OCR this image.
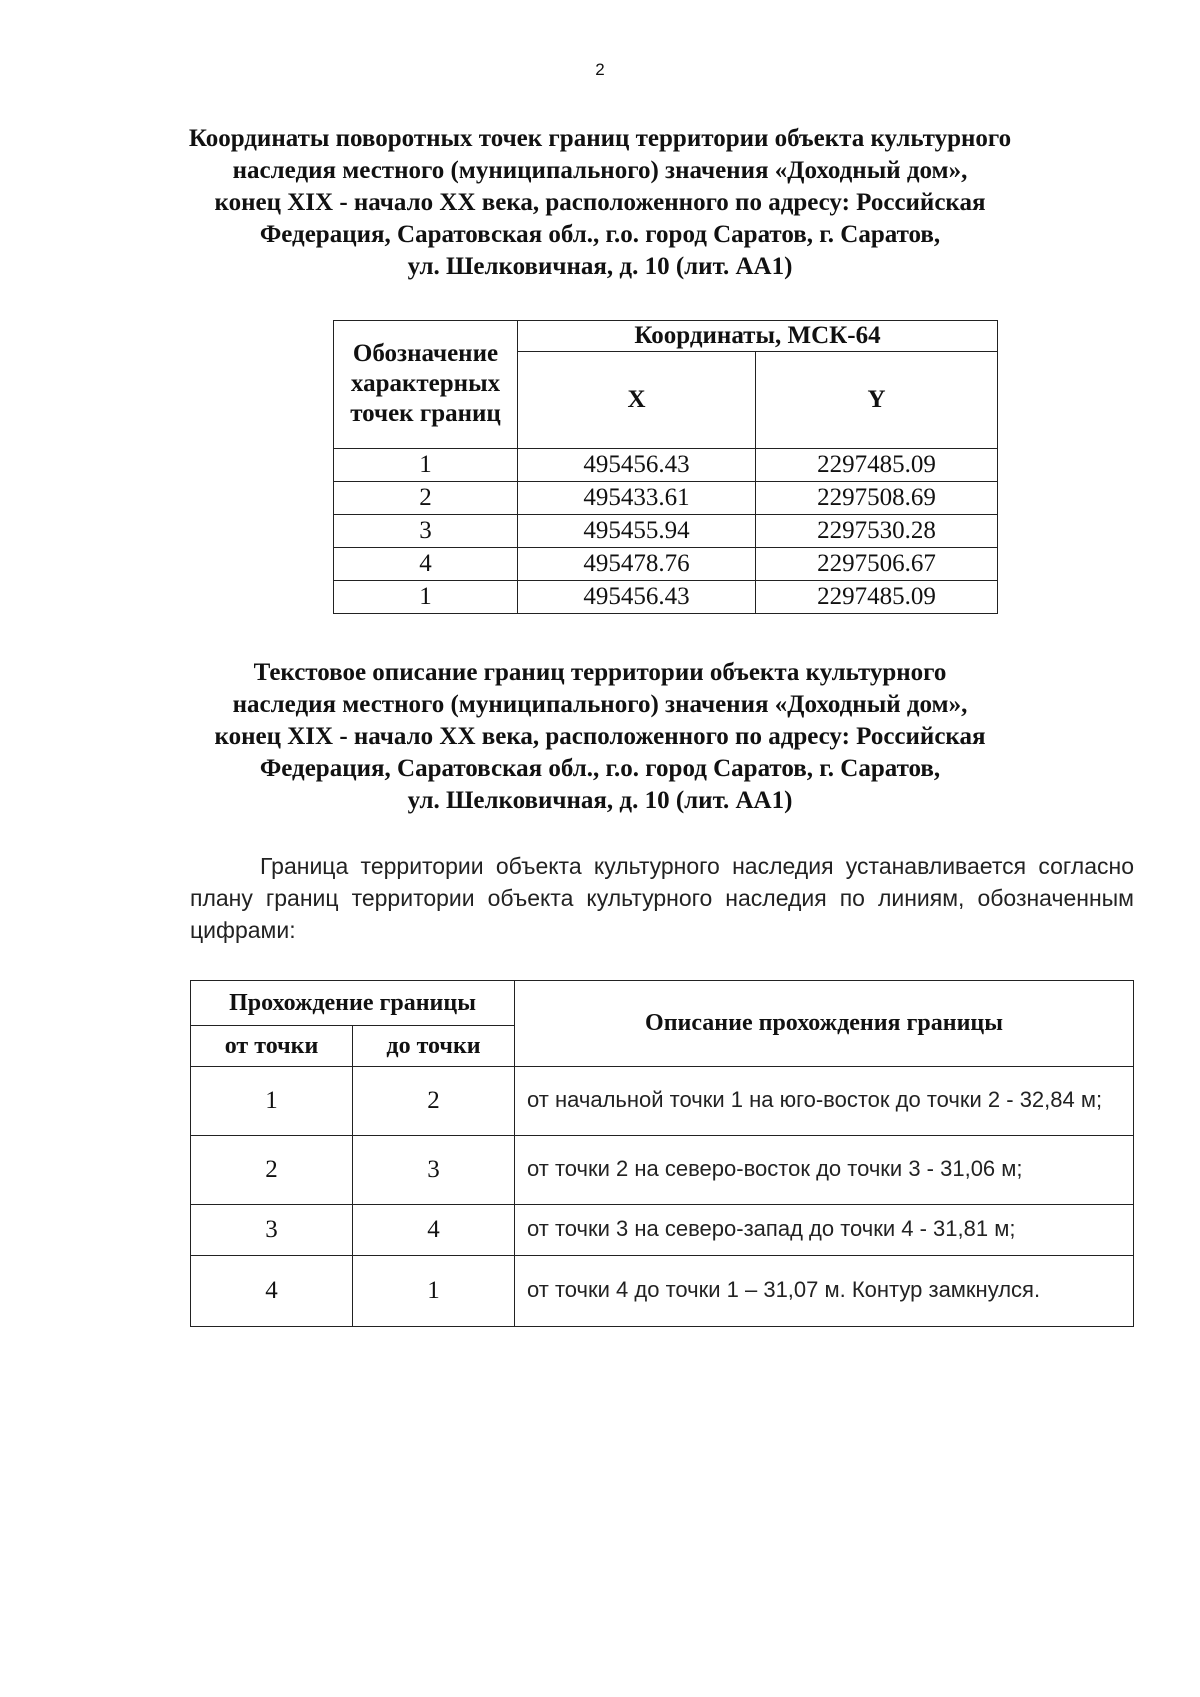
2
Координаты поворотных точек границ территории объекта культурного
наследия местного (муниципального) значения «Доходный дом»,
конец XIX - начало XX века, расположенного по адресу: Российская
Федерация, Саратовская обл., г.о. город Саратов, г. Саратов,
ул. Шелковичная, д. 10 (лит. АА1)
Обозначение характерных точек границ	Координаты, МСК-64	
	X	Y
1	495456.43	2297485.09
2	495433.61	2297508.69
3	495455.94	2297530.28
4	495478.76	2297506.67
1	495456.43	2297485.09
Текстовое описание границ территории объекта культурного
наследия местного (муниципального) значения «Доходный дом»,
конец XIX - начало XX века, расположенного по адресу: Российская
Федерация, Саратовская обл., г.о. город Саратов, г. Саратов,
ул. Шелковичная, д. 10 (лит. АА1)
Граница территории объекта культурного наследия устанавливается согласно плану границ территории объекта культурного наследия по линиям, обозначенным цифрами:
Прохождение границы		Описание прохождения границы
от точки	до точки	
1	2	от начальной точки 1 на юго-восток до точки 2 - 32,84 м;
2	3	от точки 2 на северо-восток до точки 3 - 31,06 м;
3	4	от точки 3 на северо-запад до точки 4 - 31,81 м;
4	1	от точки 4 до точки 1 – 31,07 м. Контур замкнулся.
